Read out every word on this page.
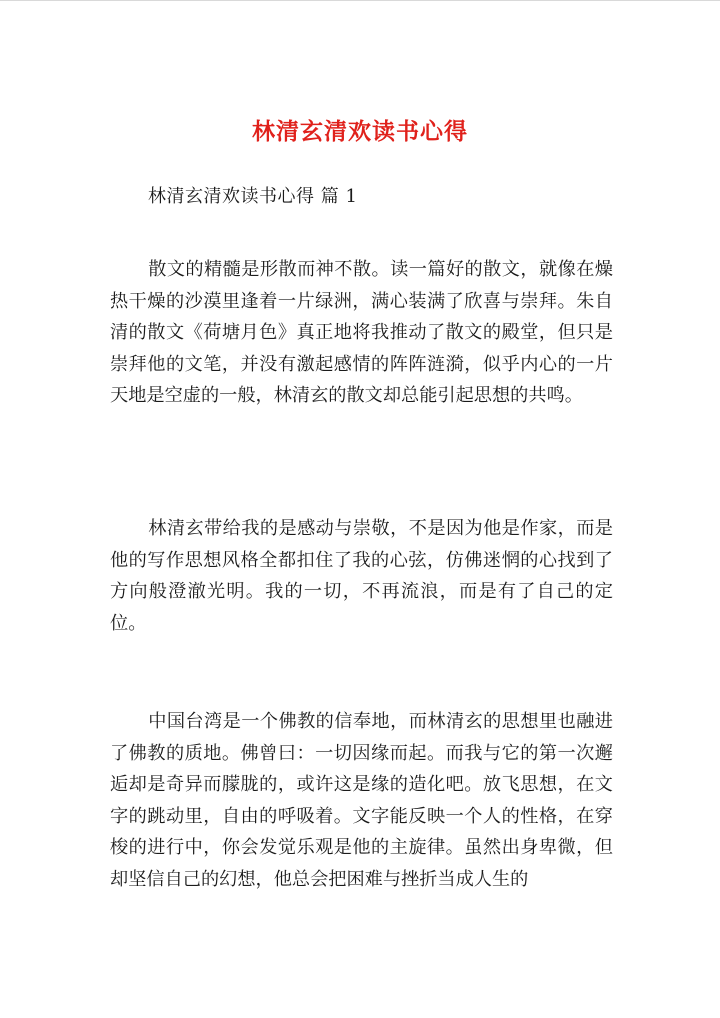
林清玄清欢读书心得
林清玄清欢读书心得 篇 1

散文的精髓是形散而神不散。读一篇好的散文，就像在燥热干燥的沙漠里逢着一片绿洲，满心装满了欣喜与崇拜。朱自清的散文《荷塘月色》真正地将我推动了散文的殿堂，但只是崇拜他的文笔，并没有激起感情的阵阵涟漪，似乎内心的一片天地是空虚的一般，林清玄的散文却总能引起思想的共鸣。

林清玄带给我的是感动与崇敬，不是因为他是作家，而是他的写作思想风格全都扣住了我的心弦，仿佛迷惘的心找到了方向般澄澈光明。我的一切，不再流浪，而是有了自己的定位。

中国台湾是一个佛教的信奉地，而林清玄的思想里也融进了佛教的质地。佛曾曰：一切因缘而起。而我与它的第一次邂逅却是奇异而朦胧的，或许这是缘的造化吧。放飞思想，在文字的跳动里，自由的呼吸着。文字能反映一个人的性格，在穿梭的进行中，你会发觉乐观是他的主旋律。虽然出身卑微，但却坚信自己的幻想，他总会把困难与挫折当成人生的
